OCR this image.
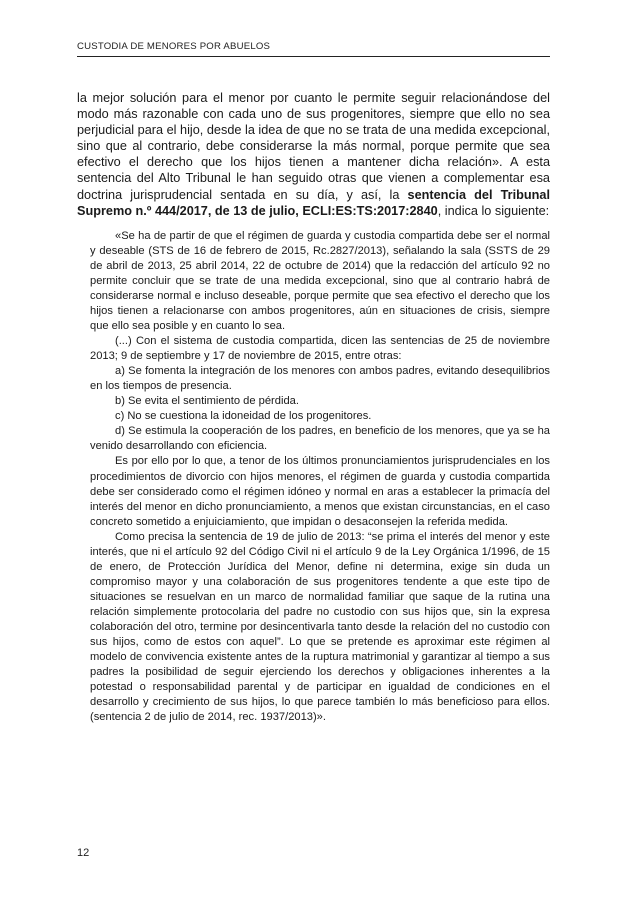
CUSTODIA DE MENORES POR ABUELOS

la mejor solución para el menor por cuanto le permite seguir relacionándose del modo más razonable con cada uno de sus progenitores, siempre que ello no sea perjudicial para el hijo, desde la idea de que no se trata de una medida excepcional, sino que al contrario, debe considerarse la más normal, porque permite que sea efectivo el derecho que los hijos tienen a mantener dicha relación». A esta sentencia del Alto Tribunal le han seguido otras que vienen a complementar esa doctrina jurisprudencial sentada en su día, y así, la sentencia del Tribunal Supremo n.º 444/2017, de 13 de julio, ECLI:ES:TS:2017:2840, indica lo siguiente:

«Se ha de partir de que el régimen de guarda y custodia compartida debe ser el normal y deseable (STS de 16 de febrero de 2015, Rc.2827/2013), señalando la sala (SSTS de 29 de abril de 2013, 25 abril 2014, 22 de octubre de 2014) que la redacción del artículo 92 no permite concluir que se trate de una medida excepcional, sino que al contrario habrá de considerarse normal e incluso deseable, porque permite que sea efectivo el derecho que los hijos tienen a relacionarse con ambos progenitores, aún en situaciones de crisis, siempre que ello sea posible y en cuanto lo sea.

(...) Con el sistema de custodia compartida, dicen las sentencias de 25 de noviembre 2013; 9 de septiembre y 17 de noviembre de 2015, entre otras:

a) Se fomenta la integración de los menores con ambos padres, evitando desequilibrios en los tiempos de presencia.

b) Se evita el sentimiento de pérdida.

c) No se cuestiona la idoneidad de los progenitores.

d) Se estimula la cooperación de los padres, en beneficio de los menores, que ya se ha venido desarrollando con eficiencia.

Es por ello por lo que, a tenor de los últimos pronunciamientos jurisprudenciales en los procedimientos de divorcio con hijos menores, el régimen de guarda y custodia compartida debe ser considerado como el régimen idóneo y normal en aras a establecer la primacía del interés del menor en dicho pronunciamiento, a menos que existan circunstancias, en el caso concreto sometido a enjuiciamiento, que impidan o desaconsejen la referida medida.

Como precisa la sentencia de 19 de julio de 2013: “se prima el interés del menor y este interés, que ni el artículo 92 del Código Civil ni el artículo 9 de la Ley Orgánica 1/1996, de 15 de enero, de Protección Jurídica del Menor, define ni determina, exige sin duda un compromiso mayor y una colaboración de sus progenitores tendente a que este tipo de situaciones se resuelvan en un marco de normalidad familiar que saque de la rutina una relación simplemente protocolaria del padre no custodio con sus hijos que, sin la expresa colaboración del otro, termine por desincentivarla tanto desde la relación del no custodio con sus hijos, como de estos con aquel”. Lo que se pretende es aproximar este régimen al modelo de convivencia existente antes de la ruptura matrimonial y garantizar al tiempo a sus padres la posibilidad de seguir ejerciendo los derechos y obligaciones inherentes a la potestad o responsabilidad parental y de participar en igualdad de condiciones en el desarrollo y crecimiento de sus hijos, lo que parece también lo más beneficioso para ellos. (sentencia 2 de julio de 2014, rec. 1937/2013)».

12
